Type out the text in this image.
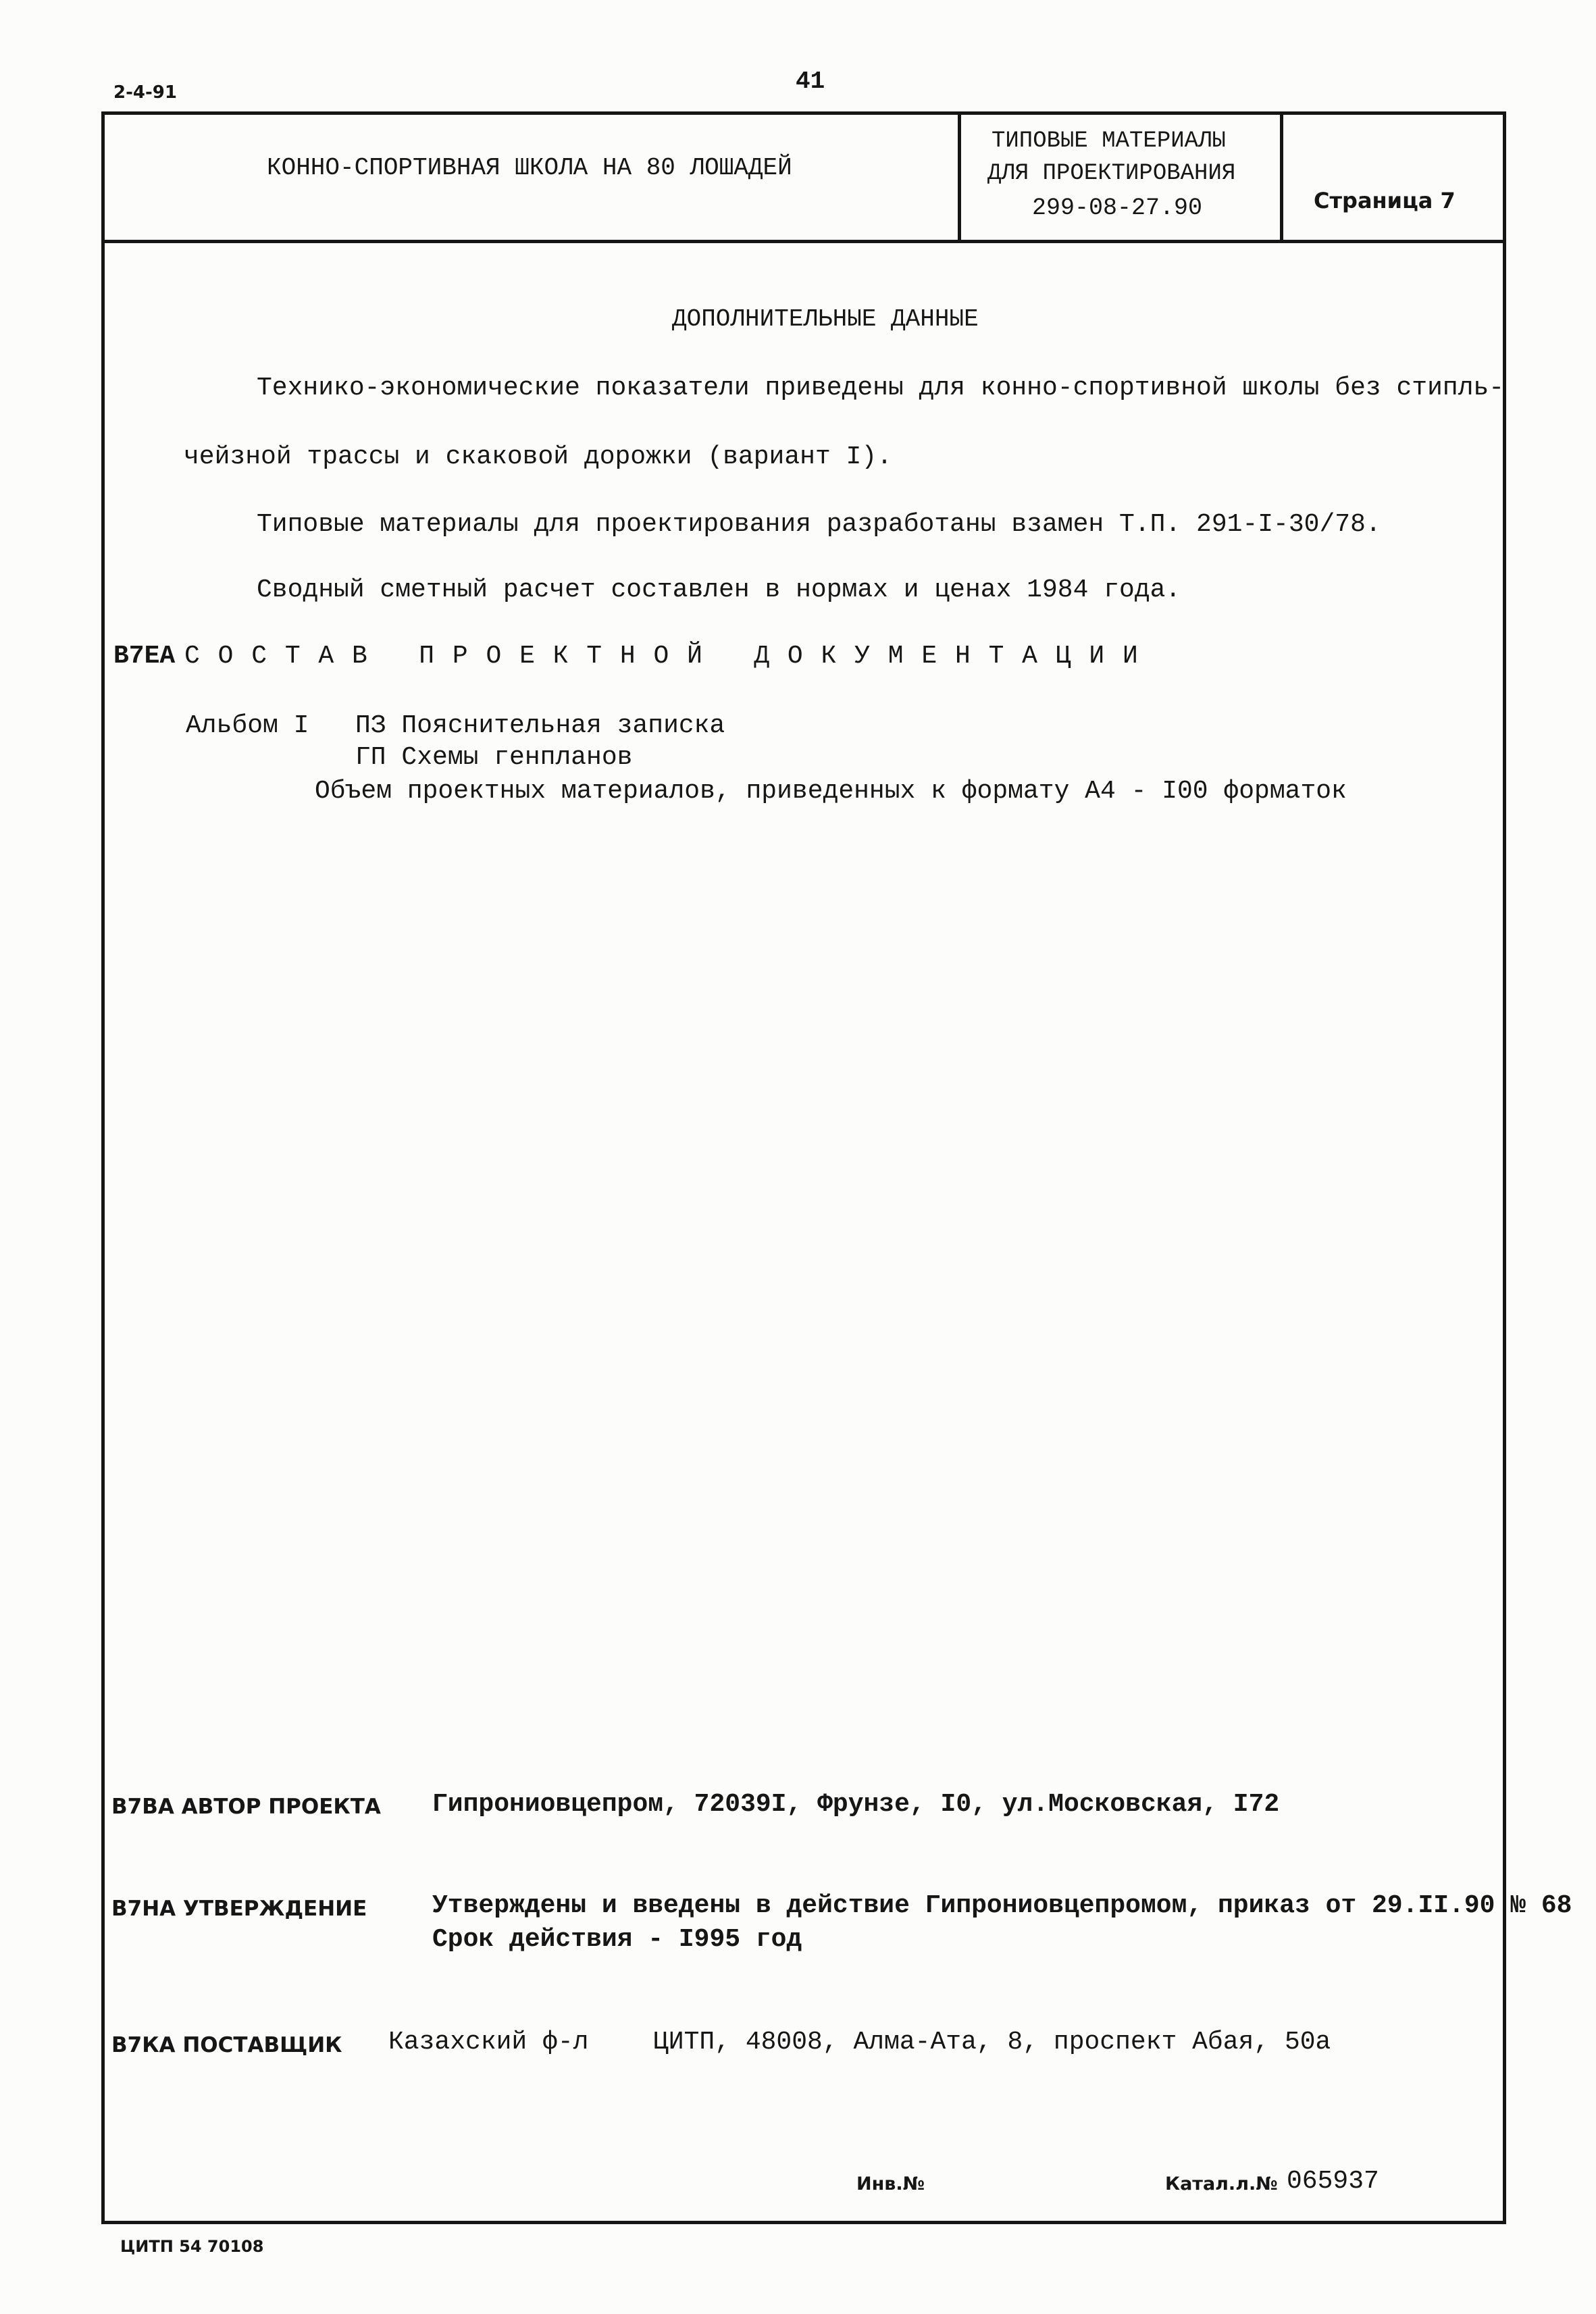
2-4-91	41
КОННО-СПОРТИВНАЯ ШКОЛА НА 80 ЛОШАДЕЙ
ТИПОВЫЕ МАТЕРИАЛЫ
ДЛЯ ПРОЕКТИРОВАНИЯ
299-08-27.90	Страница 7
ДОПОЛНИТЕЛЬНЫЕ ДАННЫЕ
Технико-экономические показатели приведены для конно-спортивной школы без стипль-
чейзной трассы и скаковой дорожки (вариант I).
Типовые материалы для проектирования разработаны взамен Т.П. 291-I-30/78.
Сводный сметный расчет составлен в нормах и ценах 1984 года.
В7ЕА С О С Т А В   П Р О Е К Т Н О Й   Д О К У М Е Н Т А Ц И И
Альбом I ПЗ Пояснительная записка
ГП Схемы генпланов
Объем проектных материалов, приведенных к формату А4 - I00 форматок
В7ВА АВТОР ПРОЕКТА Гипрониовцепром, 72039I, Фрунзе, I0, ул.Московская, I72
В7НА УТВЕРЖДЕНИЕ	Утверждены и введены в действие Гипрониовцепромом, приказ от 29.II.90 № 68
Срок действия - I995 год
В7КА ПОСТАВЩИК Казахский ф-л	ЦИТП, 48008, Алма-Ата, 8, проспект Абая, 50а
Инв.№	Катал.л.№ 065937
ЦИТП 54 70108
